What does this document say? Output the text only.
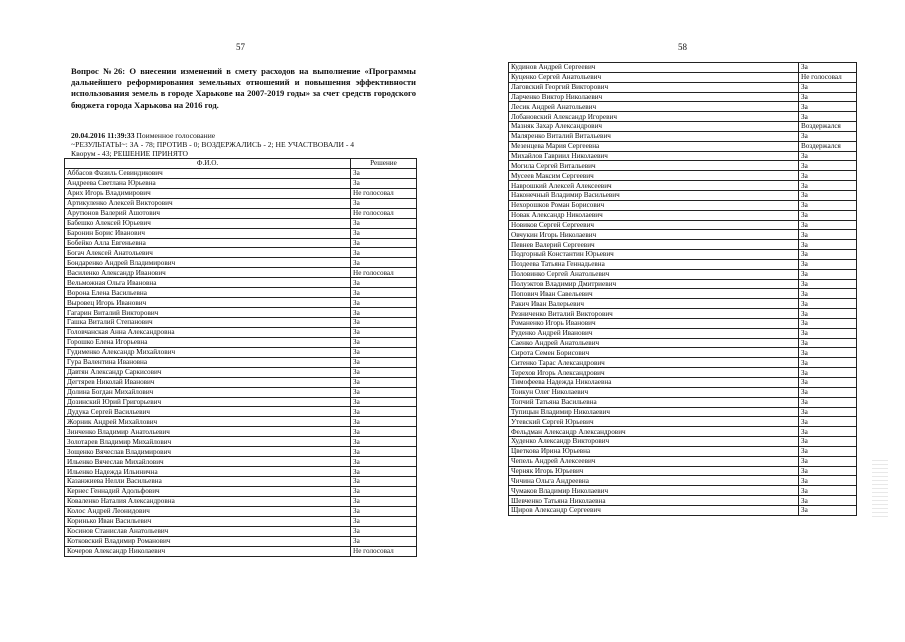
57	58
Вопрос №26: О внесении изменений в смету расходов на выполнение «Программы дальнейшего реформирования земельных отношений и повышения эффективности использования земель в городе Харькове на 2007-2019 годы» за счет средств городского бюджета города Харькова на 2016 год.
20.04.2016 11:39:33 Поименное голосование
~РЕЗУЛЬТАТЫ~: ЗА - 78; ПРОТИВ - 0; ВОЗДЕРЖАЛИСЬ - 2; НЕ УЧАСТВОВАЛИ - 4
Кворум - 43; РЕШЕНИЕ ПРИНЯТО
Ф.И.О.	Решение
Аббасов Фазиль Севиндикович	За
Андреева Светлана Юрьевна	За
Арих Игорь Владимирович	Не голосовал
Артикуленко Алексей Викторович	За
Арутюнов Валерий Ашотович	Не голосовал
Бабешко Алексей Юрьевич	За
Баронин Борис Иванович	За
Бобейко Алла Евгеньевна	За
Богач Алексей Анатольевич	За
Бондаренко Андрей Владимирович	За
Василенко Александр Иванович	Не голосовал
Вельможная Ольга Ивановна	За
Ворона Елена Васильевна	За
Выровец Игорь Иванович	За
Гагарин Виталий Викторович	За
Гашка Виталий Степанович	За
Головчанская Анна Александровна	За
Горошко Елена Игорьевна	За
Гудименко Александр Михайлович	За
Гура Валентина Ивановна	За
Давтян Александр Саркисович	За
Дегтярев Николай Иванович	За
Долина Богдан Михайлович	За
Дозинский Юрий Григорьевич	За
Дудука Сергей Васильевич	За
Жорник Андрей Михайлович	За
Зинченко Владимир Анатольевич	За
Золотарев Владимир Михайлович	За
Зощенко Вячеслав Владимирович	За
Ильенко Вячеслав Михайлович	За
Ильенко Надежда Ильинична	За
Казанжиева Нелли Васильевна	За
Кернес Геннадий Адольфович	За
Коваленко Наталия Александровна	За
Колос Андрей Леонидович	За
Коринько Иван Васильевич	За
Косинов Станислав Анатольевич	За
Котковский Владимир Романович	За
Кочеров Александр Николаевич	Не голосовал
Кудинов Андрей Сергеевич	За
Куценко Сергей Анатольевич	Не голосовал
Лаговский Георгий Викторович	За
Ларченко Виктор Николаевич	За
Лесик Андрей Анатольевич	За
Лобановский Александр Игоревич	За
Мазняк Захар Александрович	Воздержался
Маляренко Виталий Витальевич	За
Мезенцева Мария Сергеевна	Воздержался
Михайлов Гавриил Николаевич	За
Могила Сергей Витальевич	За
Мусеев Максим Сергеевич	За
Наврошкий Алексей Алексеевич	За
Наконечный Владимир Васильевич	За
Нехорошков Роман Борисович	За
Новак Александр Николаевич	За
Новиков Сергей Сергеевич	За
Овчукин Игорь Николаевич	За
Певнев Валерий Сергеевич	За
Подгорный Константин Юрьевич	За
Поздеева Татьяна Геннадьевна	За
Половинко Сергей Анатольевич	За
Полуэктов Владимир Дмитриевич	За
Попович Иван Савельевич	За
Ракич Иван Валерьевич	За
Резниченко Виталий Викторович	За
Романенко Игорь Иванович	За
Руденко Андрей Иванович	За
Саенко Андрей Анатольевич	За
Сирота Семен Борисович	За
Ситенко Тарас Александрович	За
Терехов Игорь Александрович	За
Тимофеева Надежда Николаевна	За
Тоикун Олег Николаевич	За
Топчий Татьяна Васильевна	За
Тупицын Владимир Николаевич	За
Утевский Сергей Юрьевич	За
Фельдман Александр Александрович	За
Худенко Александр Викторович	За
Цветкова Ирина Юрьевна	За
Чепель Андрей Алексеевич	За
Черняк Игорь Юрьевич	За
Чичина Ольга Андреевна	За
Чумаков Владимир Николаевич	За
Шевченко Татьяна Николаевна	За
Щиров Александр Сергеевич	За
